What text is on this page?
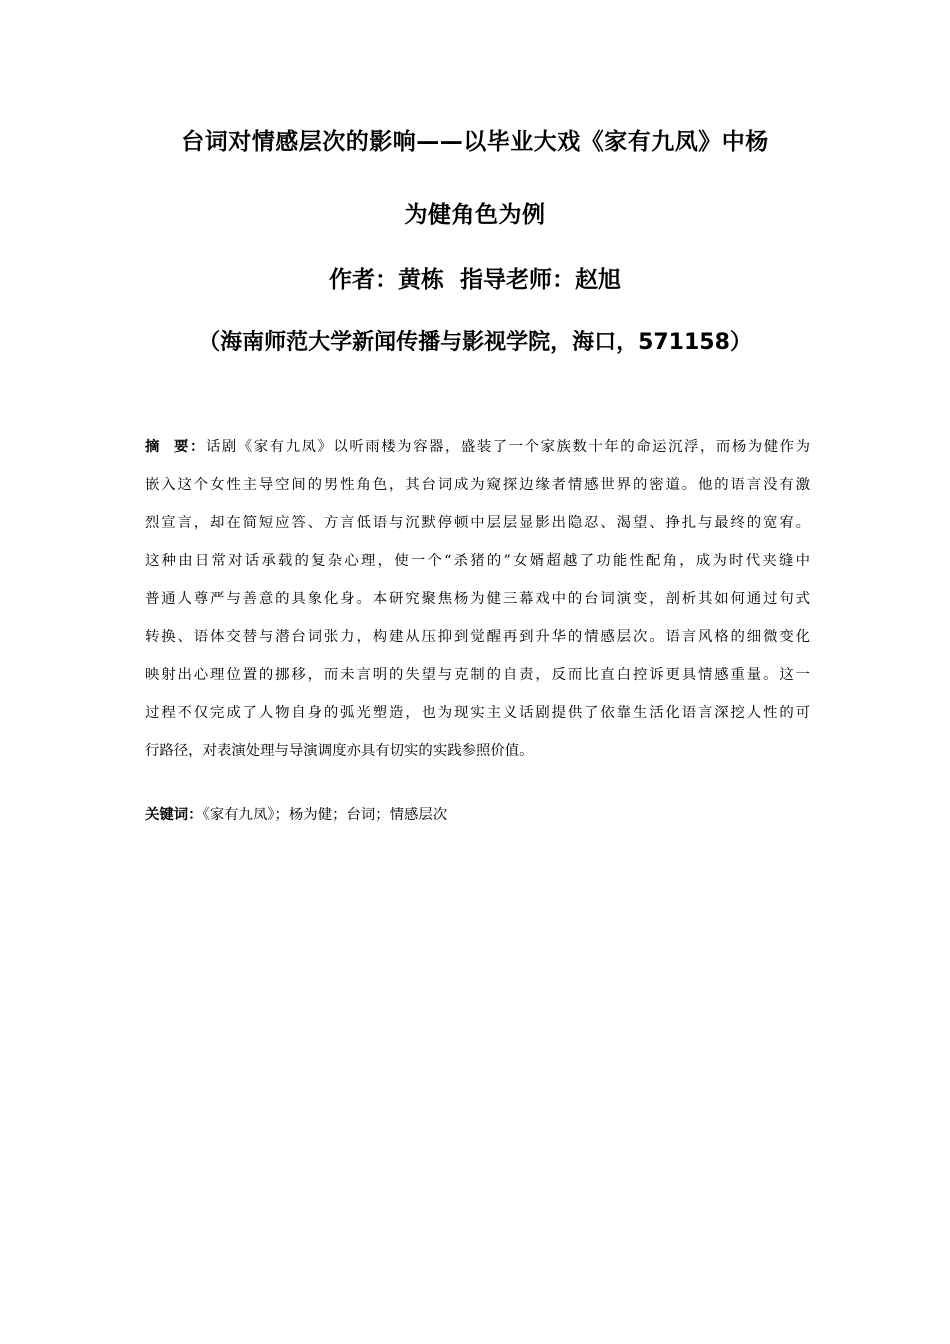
台词对情感层次的影响——以毕业大戏《家有九凤》中杨
为健角色为例
作者：黄栋 指导老师：赵旭
（海南师范大学新闻传播与影视学院，海口，571158）
摘  要：话剧《家有九凤》以听雨楼为容器，盛装了一个家族数十年的命运沉浮，而杨为健作为
嵌入这个女性主导空间的男性角色，其台词成为窥探边缘者情感世界的密道。他的语言没有激
烈宣言，却在简短应答、方言低语与沉默停顿中层层显影出隐忍、渴望、挣扎与最终的宽宥。
这种由日常对话承载的复杂心理，使一个“杀猪的”女婿超越了功能性配角，成为时代夹缝中
普通人尊严与善意的具象化身。本研究聚焦杨为健三幕戏中的台词演变，剖析其如何通过句式
转换、语体交替与潜台词张力，构建从压抑到觉醒再到升华的情感层次。语言风格的细微变化
映射出心理位置的挪移，而未言明的失望与克制的自责，反而比直白控诉更具情感重量。这一
过程不仅完成了人物自身的弧光塑造，也为现实主义话剧提供了依靠生活化语言深挖人性的可
行路径，对表演处理与导演调度亦具有切实的实践参照价值。
关键词：《家有九凤》；杨为健；台词；情感层次
